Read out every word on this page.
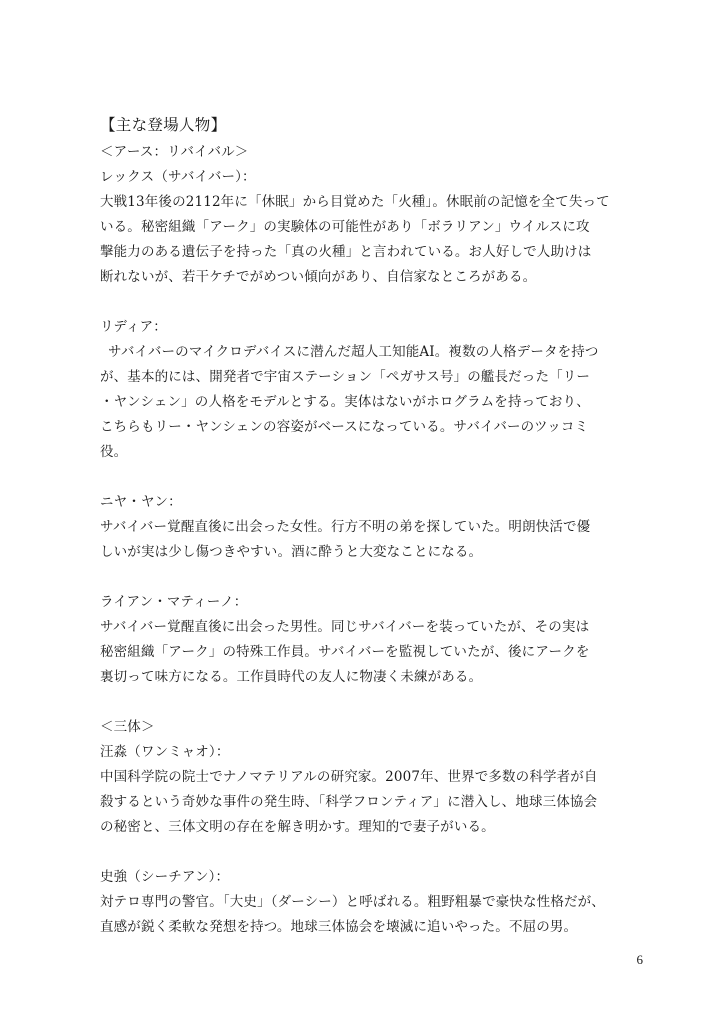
【主な登場人物】
＜アース：リバイバル＞
レックス（サバイバー）：
大戦13年後の2112年に「休眠」から目覚めた「火種」。休眠前の記憶を全て失って
いる。秘密組織「アーク」の実験体の可能性があり「ボラリアン」ウイルスに攻
撃能力のある遺伝子を持った「真の火種」と言われている。お人好しで人助けは
断れないが、若干ケチでがめつい傾向があり、自信家なところがある。
リディア：
サバイバーのマイクロデバイスに潜んだ超人工知能AI。複数の人格データを持つ
が、基本的には、開発者で宇宙ステーション「ペガサス号」の艦長だった「リー
・ヤンシェン」の人格をモデルとする。実体はないがホログラムを持っており、
こちらもリー・ヤンシェンの容姿がベースになっている。サバイバーのツッコミ
役。
ニヤ・ヤン：
サバイバー覚醒直後に出会った女性。行方不明の弟を探していた。明朗快活で優
しいが実は少し傷つきやすい。酒に酔うと大変なことになる。
ライアン・マティーノ：
サバイバー覚醒直後に出会った男性。同じサバイバーを装っていたが、その実は
秘密組織「アーク」の特殊工作員。サバイバーを監視していたが、後にアークを
裏切って味方になる。工作員時代の友人に物凄く未練がある。
＜三体＞
汪淼（ワンミャオ）：
中国科学院の院士でナノマテリアルの研究家。2007年、世界で多数の科学者が自
殺するという奇妙な事件の発生時、「科学フロンティア」に潜入し、地球三体協会
の秘密と、三体文明の存在を解き明かす。理知的で妻子がいる。
史強（シーチアン）：
対テロ専門の警官。「大史」（ダーシー）と呼ばれる。粗野粗暴で豪快な性格だが、
直感が鋭く柔軟な発想を持つ。地球三体協会を壊滅に追いやった。不屈の男。
6
